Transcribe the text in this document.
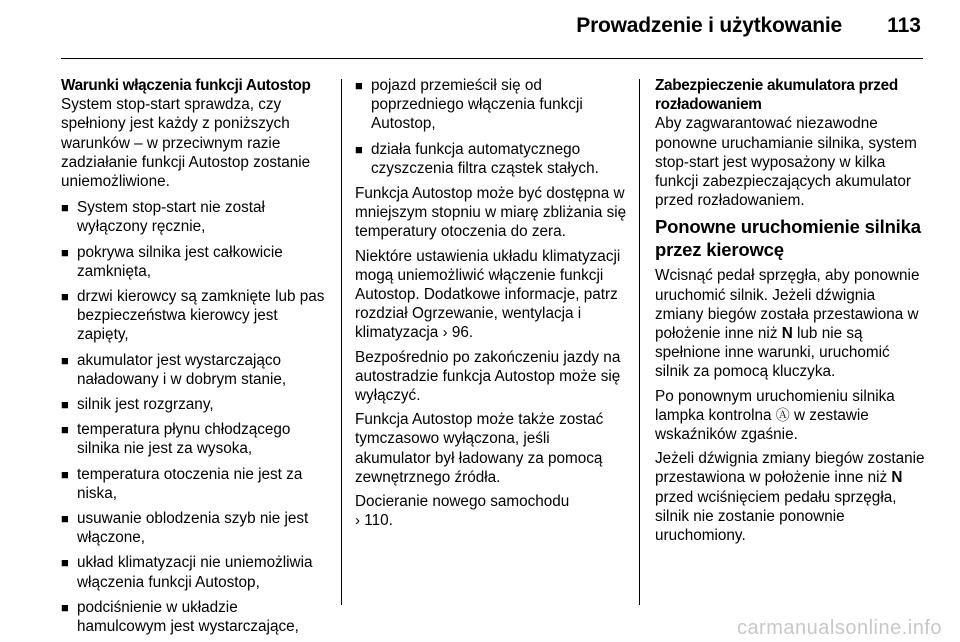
Prowadzenie i użytkowanie 113

Warunki włączenia funkcji Autostop

System stop-start sprawdza, czy spełniony jest każdy z poniższych warunków – w przeciwnym razie zadziałanie funkcji Autostop zostanie uniemożliwione.

■ System stop-start nie został wyłączony ręcznie,
■ pokrywa silnika jest całkowicie zamknięta,
■ drzwi kierowcy są zamknięte lub pas bezpieczeństwa kierowcy jest zapięty,
■ akumulator jest wystarczająco naładowany i w dobrym stanie,
■ silnik jest rozgrzany,
■ temperatura płynu chłodzącego silnika nie jest za wysoka,
■ temperatura otoczenia nie jest za niska,
■ usuwanie oblodzenia szyb nie jest włączone,
■ układ klimatyzacji nie uniemożliwia włączenia funkcji Autostop,
■ podciśnienie w układzie hamulcowym jest wystarczające,
■ pojazd przemieścił się od poprzedniego włączenia funkcji Autostop,
■ działa funkcja automatycznego czyszczenia filtra cząstek stałych.

Funkcja Autostop może być dostępna w mniejszym stopniu w miarę zbliżania się temperatury otoczenia do zera.

Niektóre ustawienia układu klimatyzacji mogą uniemożliwić włączenie funkcji Autostop. Dodatkowe informacje, patrz rozdział Ogrzewanie, wentylacja i klimatyzacja › 96.

Bezpośrednio po zakończeniu jazdy na autostradzie funkcja Autostop może się wyłączyć.

Funkcja Autostop może także zostać tymczasowo wyłączona, jeśli akumulator był ładowany za pomocą zewnętrznego źródła.

Docieranie nowego samochodu
› 110.

Zabezpieczenie akumulatora przed rozładowaniem

Aby zagwarantować niezawodne ponowne uruchamianie silnika, system stop-start jest wyposażony w kilka funkcji zabezpieczających akumulator przed rozładowaniem.

Ponowne uruchomienie silnika przez kierowcę

Wcisnąć pedał sprzęgła, aby ponownie uruchomić silnik. Jeżeli dźwignia zmiany biegów została przestawiona w położenie inne niż N lub nie są spełnione inne warunki, uruchomić silnik za pomocą kluczyka.

Po ponownym uruchomieniu silnika lampka kontrolna Ⓐ w zestawie wskaźników zgaśnie.

Jeżeli dźwignia zmiany biegów zostanie przestawiona w położenie inne niż N przed wciśnięciem pedału sprzęgła, silnik nie zostanie ponownie uruchomiony.

carmanualsonline.info
